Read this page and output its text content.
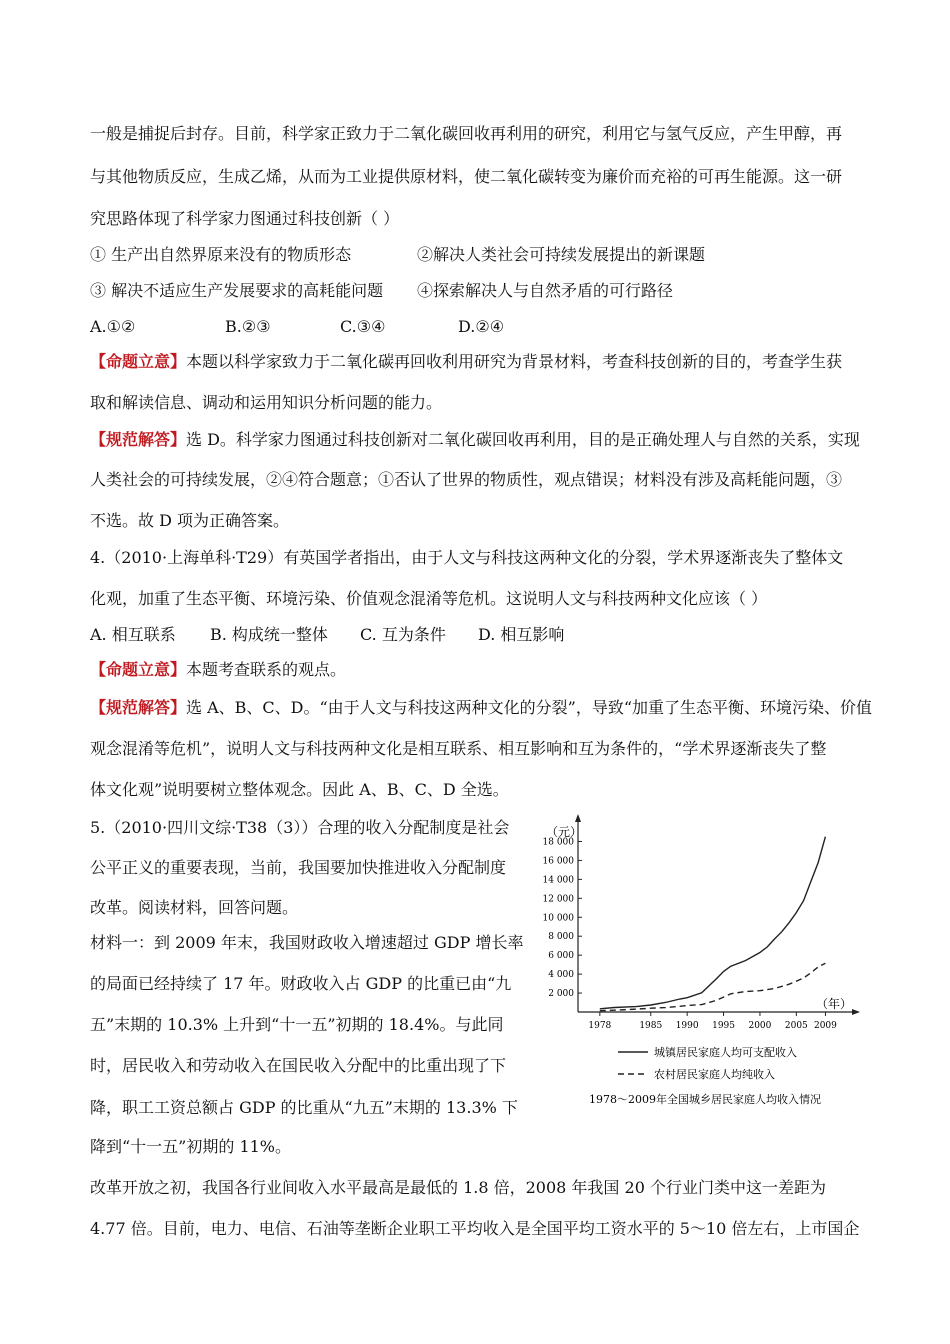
一般是捕捉后封存。目前，科学家正致力于二氧化碳回收再利用的研究，利用它与氢气反应，产生甲醇，再
与其他物质反应，生成乙烯，从而为工业提供原材料，使二氧化碳转变为廉价而充裕的可再生能源。这一研
究思路体现了科学家力图通过科技创新（ ）
① 生产出自然界原来没有的物质形态	②解决人类社会可持续发展提出的新课题
③ 解决不适应生产发展要求的高耗能问题 ④探索解决人与自然矛盾的可行路径
A.①②	B.②③	C.③④	D.②④
【命题立意】本题以科学家致力于二氧化碳再回收利用研究为背景材料，考查科技创新的目的，考查学生获
取和解读信息、调动和运用知识分析问题的能力。
【规范解答】选 D。科学家力图通过科技创新对二氧化碳回收再利用，目的是正确处理人与自然的关系，实现
人类社会的可持续发展，②④符合题意；①否认了世界的物质性，观点错误；材料没有涉及高耗能问题，③
不选。故 D 项为正确答案。
4.（2010·上海单科·T29）有英国学者指出，由于人文与科技这两种文化的分裂，学术界逐渐丧失了整体文
化观，加重了生态平衡、环境污染、价值观念混淆等危机。这说明人文与科技两种文化应该（ ）
A. 相互联系 B. 构成统一整体 C. 互为条件 D. 相互影响
【命题立意】本题考查联系的观点。
【规范解答】选 A、B、C、D。“由于人文与科技这两种文化的分裂”，导致“加重了生态平衡、环境污染、价值
观念混淆等危机”，说明人文与科技两种文化是相互联系、相互影响和互为条件的，“学术界逐渐丧失了整
体文化观”说明要树立整体观念。因此 A、B、C、D 全选。
5.（2010·四川文综·T38（3））合理的收入分配制度是社会
公平正义的重要表现，当前，我国要加快推进收入分配制度
改革。阅读材料，回答问题。
材料一：到 2009 年末，我国财政收入增速超过 GDP 增长率
的局面已经持续了 17 年。财政收入占 GDP 的比重已由“九
五”末期的 10.3% 上升到“十一五”初期的 18.4%。与此同
时，居民收入和劳动收入在国民收入分配中的比重出现了下
降，职工工资总额占 GDP 的比重从“九五”末期的 13.3% 下
降到“十一五”初期的 11%。
改革开放之初，我国各行业间收入水平最高是最低的 1.8 倍，2008 年我国 20 个行业门类中这一差距为
4.77 倍。目前，电力、电信、石油等垄断企业职工平均收入是全国平均工资水平的 5～10 倍左右，上市国企
（元）
（年）
2 000
4 000
6 000
8 000
10 000
12 000
14 000
16 000
18 000
1978	1985 1990 1995 2000 2005 2009
城镇居民家庭人均可支配收入
农村居民家庭人均纯收入
1978～2009年全国城乡居民家庭人均收入情况
